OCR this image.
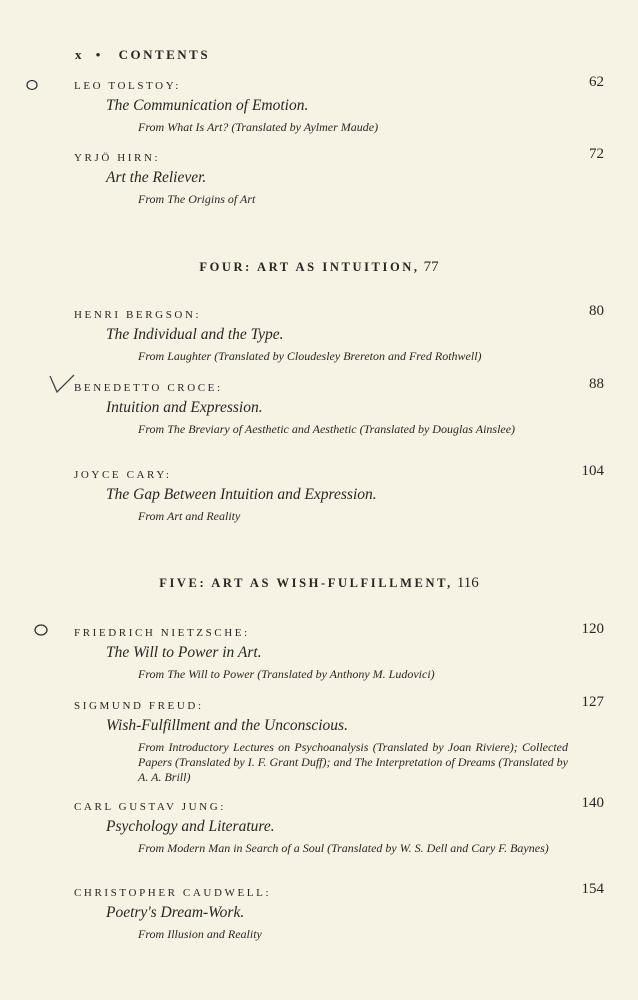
x • CONTENTS
LEO TOLSTOY:	62
The Communication of Emotion.
From What Is Art? (Translated by Aylmer Maude)
YRJÖ HIRN:	72
Art the Reliever.
From The Origins of Art
FOUR: ART AS INTUITION, 77
HENRI BERGSON:	80
The Individual and the Type.
From Laughter (Translated by Cloudesley Brereton and Fred Rothwell)
BENEDETTO CROCE:	88
Intuition and Expression.
From The Breviary of Aesthetic and Aesthetic (Translated by Douglas Ainslee)
JOYCE CARY:	104
The Gap Between Intuition and Expression.
From Art and Reality
FIVE: ART AS WISH-FULFILLMENT, 116
FRIEDRICH NIETZSCHE:	120
The Will to Power in Art.
From The Will to Power (Translated by Anthony M. Ludovici)
SIGMUND FREUD:	127
Wish-Fulfillment and the Unconscious.
From Introductory Lectures on Psychoanalysis (Translated by Joan Riviere); Collected Papers (Translated by I. F. Grant Duff); and The Interpretation of Dreams (Translated by A. A. Brill)
CARL GUSTAV JUNG:	140
Psychology and Literature.
From Modern Man in Search of a Soul (Translated by W. S. Dell and Cary F. Baynes)
CHRISTOPHER CAUDWELL:	154
Poetry's Dream-Work.
From Illusion and Reality
